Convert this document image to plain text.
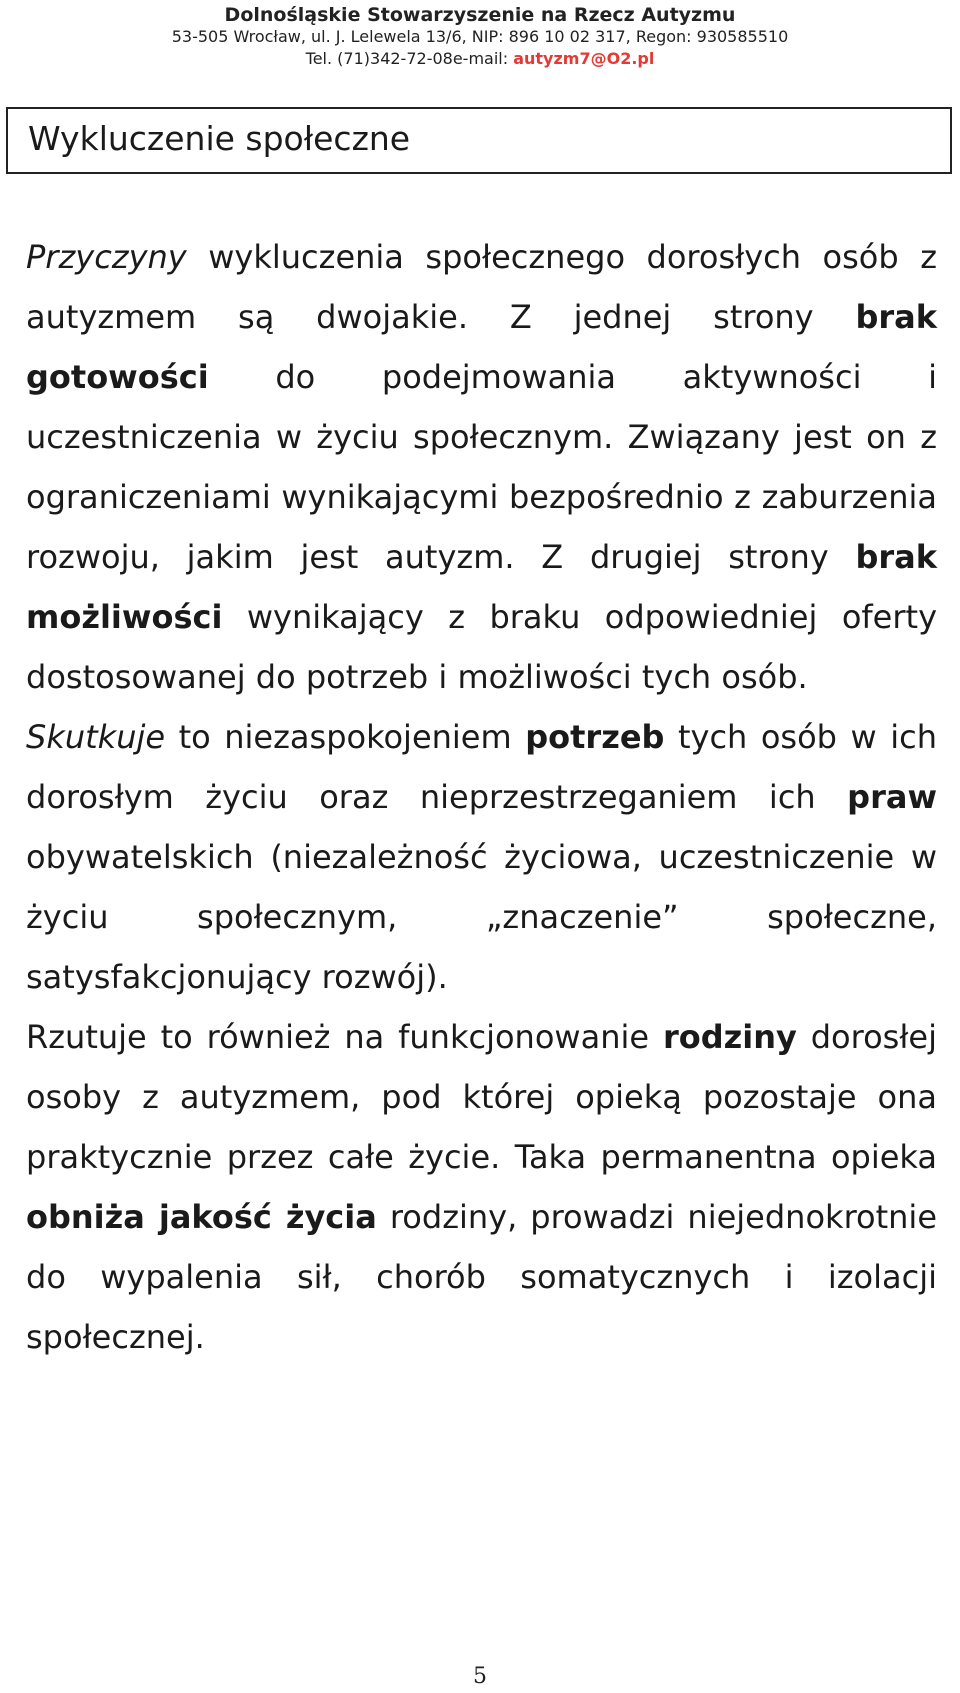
Dolnośląskie Stowarzyszenie na Rzecz Autyzmu
53-505 Wrocław, ul. J. Lelewela 13/6, NIP: 896 10 02 317, Regon: 930585510
Tel. (71)342-72-08e-mail: autyzm7@O2.pl
Wykluczenie społeczne

Przyczyny wykluczenia społecznego dorosłych osób z autyzmem są dwojakie. Z jednej strony brak gotowości do podejmowania aktywności i uczestniczenia w życiu społecznym. Związany jest on z ograniczeniami wynikającymi bezpośrednio z zaburzenia rozwoju, jakim jest autyzm. Z drugiej strony brak możliwości wynikający z braku odpowiedniej oferty dostosowanej do potrzeb i możliwości tych osób.

Skutkuje to niezaspokojeniem potrzeb tych osób w ich dorosłym życiu oraz nieprzestrzeganiem ich praw obywatelskich (niezależność życiowa, uczestniczenie w życiu społecznym, „znaczenie” społeczne, satysfakcjonujący rozwój).

Rzutuje to również na funkcjonowanie rodziny dorosłej osoby z autyzmem, pod której opieką pozostaje ona praktycznie przez całe życie. Taka permanentna opieka obniża jakość życia rodziny, prowadzi niejednokrotnie do wypalenia sił, chorób somatycznych i izolacji społecznej.

5
